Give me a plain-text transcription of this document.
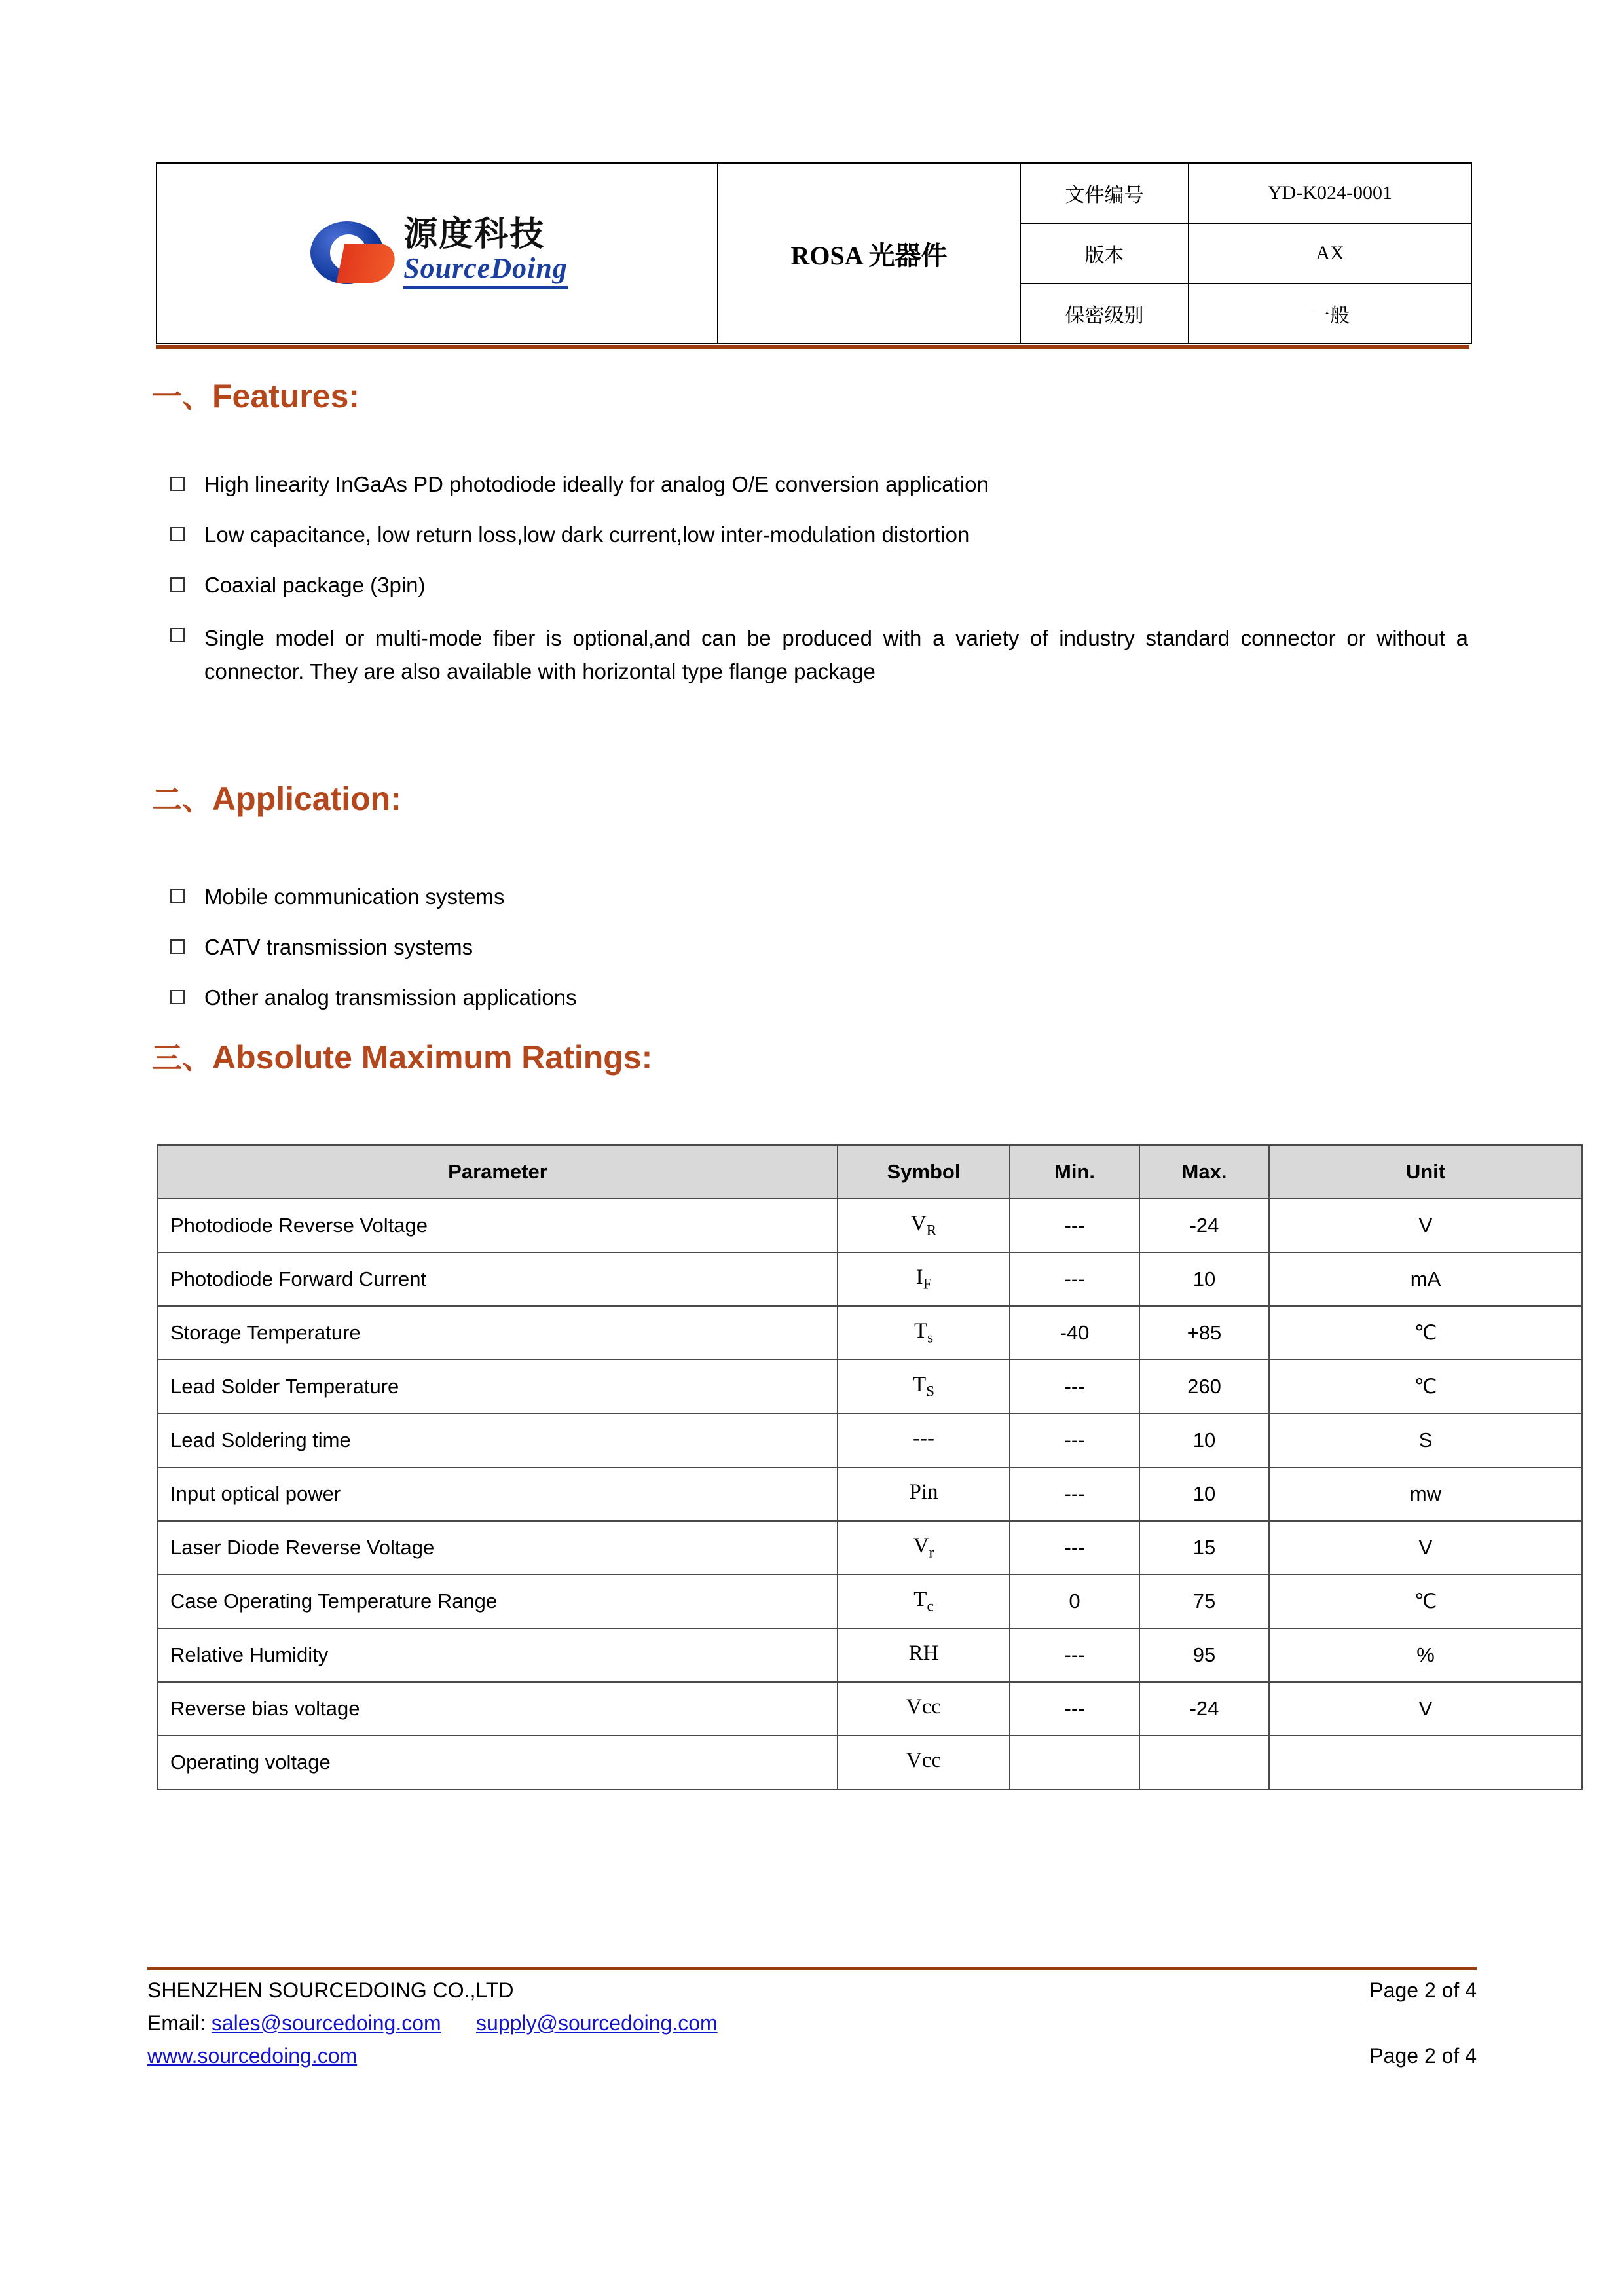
源度科技
SourceDoing	ROSA 光器件	文件编号	YD-K024-0001
		版本	AX
		保密级别	一般
一、Features:
High linearity InGaAs PD photodiode ideally for analog O/E conversion application
Low capacitance, low return loss,low dark current,low inter-modulation distortion
Coaxial package (3pin)
Single model or multi-mode fiber is optional,and can be produced with a variety of industry standard connector or without a connector. They are also available with horizontal type flange package
二、Application:
Mobile communication systems
CATV transmission systems
Other analog transmission applications
三、Absolute Maximum Ratings:
Parameter	Symbol	Min.	Max.	Unit
Photodiode Reverse Voltage	$V_R$	---	-24	V
Photodiode Forward Current	$I_F$	---	10	mA
Storage Temperature	$T_s$	-40	+85	℃
Lead Solder Temperature	$T_S$	---	260	℃
Lead Soldering time	---	---	10	S
Input optical power	Pin	---	10	mw
Laser Diode Reverse Voltage	$V_r$	---	15	V
Case Operating Temperature Range	$T_c$	0	75	℃
Relative Humidity	RH	---	95	%
Reverse bias voltage	Vcc	---	-24	V
Operating voltage	Vcc			
SHENZHEN SOURCEDOING CO.,LTD	Page 2 of 4
Email: sales@sourcedoing.com supply@sourcedoing.com
www.sourcedoing.com	Page 2 of 4
